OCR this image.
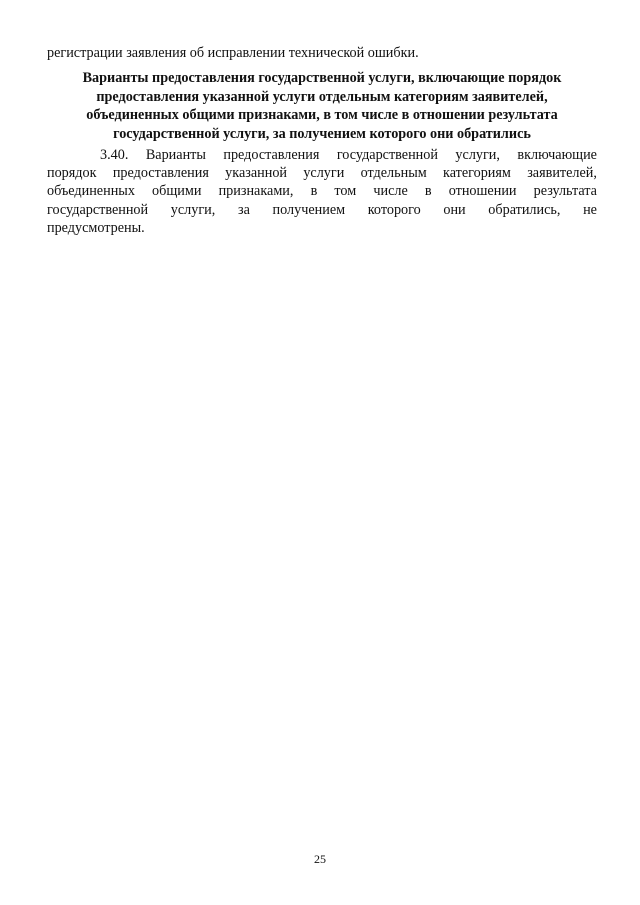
регистрации заявления об исправлении технической ошибки.

Варианты предоставления государственной услуги, включающие порядок
предоставления указанной услуги отдельным категориям заявителей,
объединенных общими признаками, в том числе в отношении результата
государственной услуги, за получением которого они обратились
3.40. Варианты предоставления государственной услуги, включающие
порядок предоставления указанной услуги отдельным категориям заявителей,
объединенных общими признаками, в том числе в отношении результата
государственной услуги, за получением которого они обратились, не
предусмотрены.

25
